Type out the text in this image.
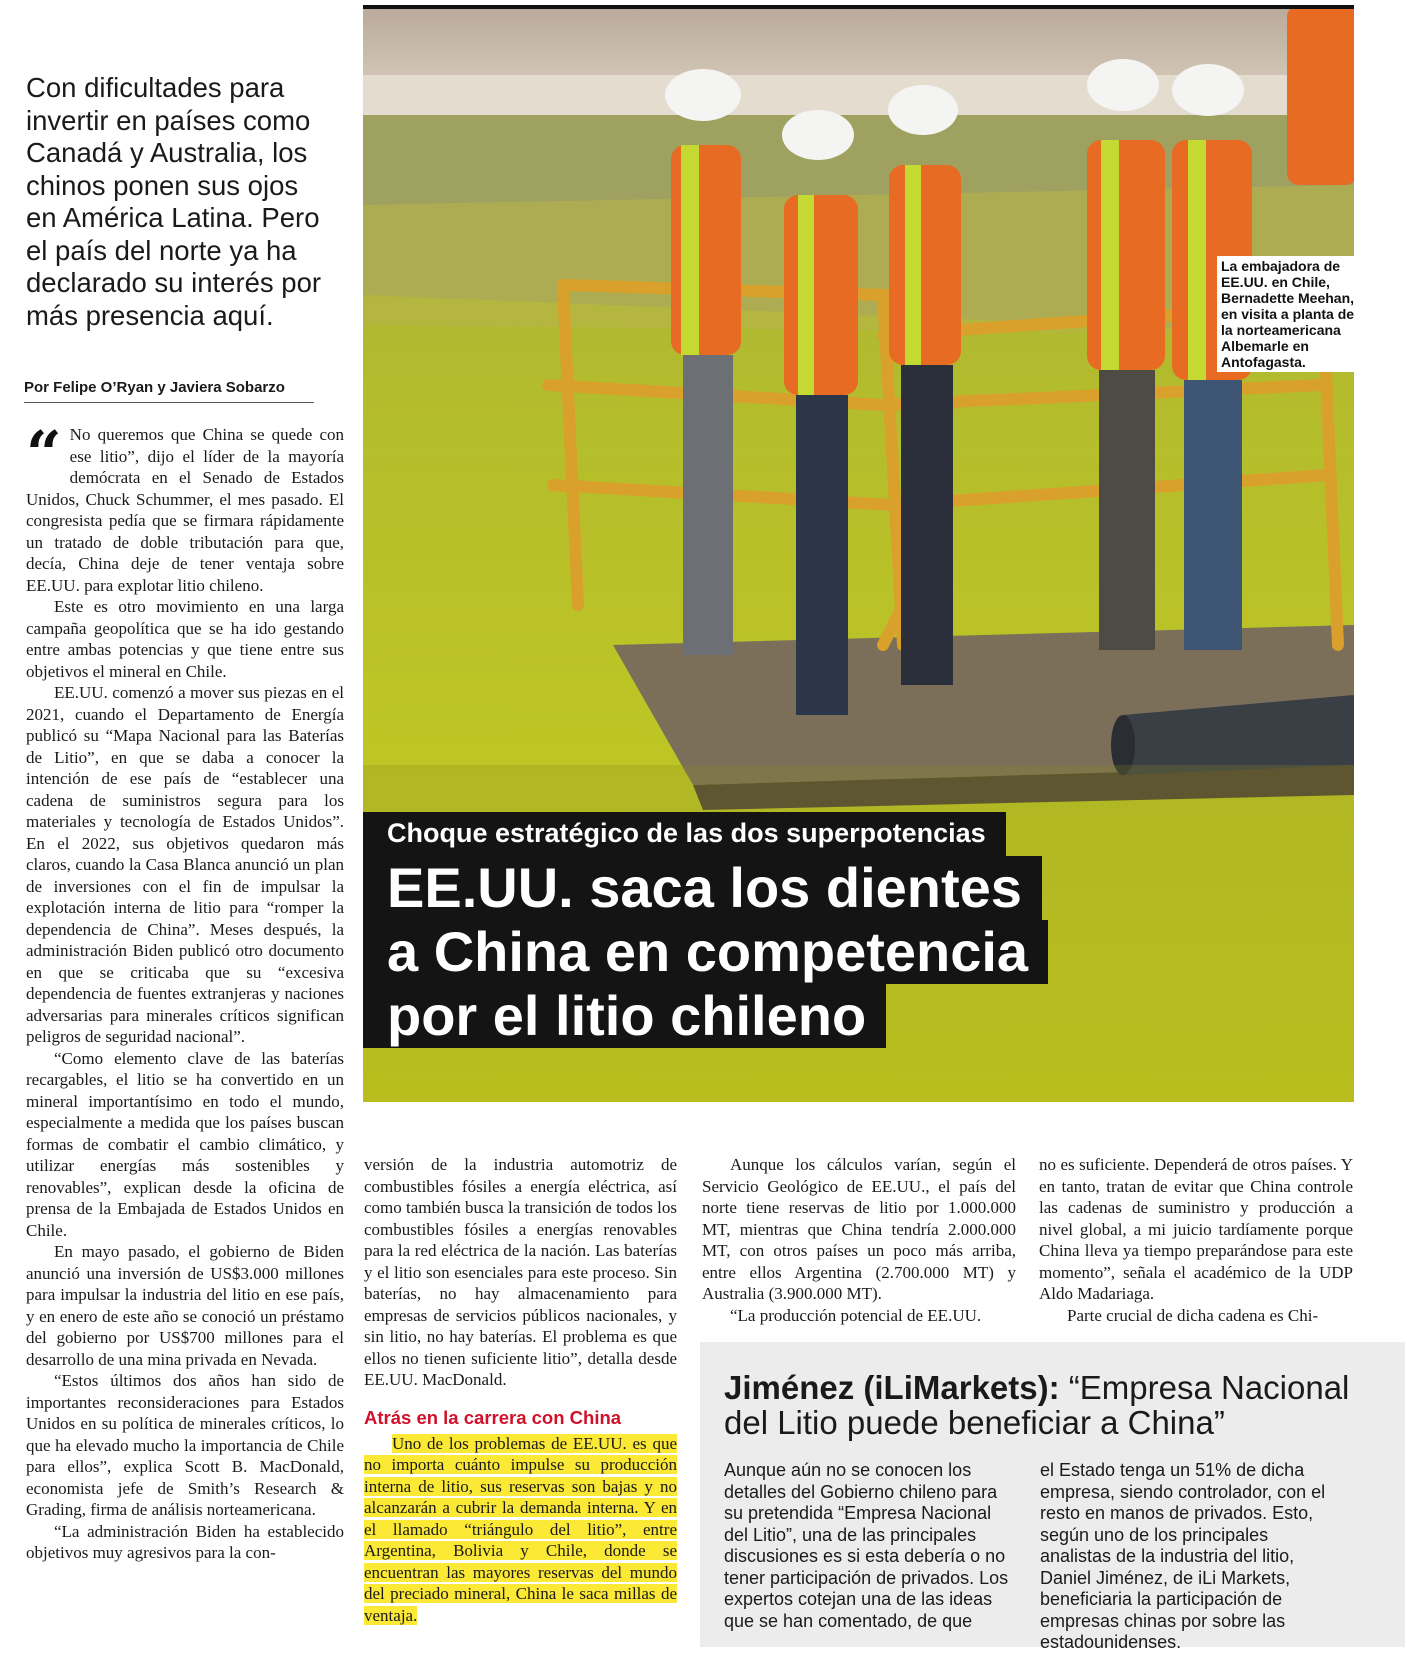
Con dificultades para invertir en países como Canadá y Australia, los chinos ponen sus ojos en América Latina. Pero el país del norte ya ha declarado su interés por más presencia aquí.

Por Felipe O’Ryan y Javiera Sobarzo

“ No queremos que China se quede con ese litio”, dijo el líder de la mayoría demócrata en el Senado de Estados Unidos, Chuck Schummer, el mes pasado. El congresista pedía que se firmara rápidamente un tratado de doble tributación para que, decía, China deje de tener ventaja sobre EE.UU. para explotar litio chileno.

Este es otro movimiento en una larga campaña geopolítica que se ha ido gestando entre ambas potencias y que tiene entre sus objetivos el mineral en Chile.

EE.UU. comenzó a mover sus piezas en el 2021, cuando el Departamento de Energía publicó su “Mapa Nacional para las Baterías de Litio”, en que se daba a conocer la intención de ese país de “establecer una cadena de suministros segura para los materiales y tecnología de Estados Unidos”. En el 2022, sus objetivos quedaron más claros, cuando la Casa Blanca anunció un plan de inversiones con el fin de impulsar la explotación interna de litio para “romper la dependencia de China”. Meses después, la administración Biden publicó otro documento en que se criticaba que su “excesiva dependencia de fuentes extranjeras y naciones adversarias para minerales críticos significan peligros de seguridad nacional”.

“Como elemento clave de las baterías recargables, el litio se ha convertido en un mineral importantísimo en todo el mundo, especialmente a medida que los países buscan formas de combatir el cambio climático, y utilizar energías más sostenibles y renovables”, explican desde la oficina de prensa de la Embajada de Estados Unidos en Chile.

En mayo pasado, el gobierno de Biden anunció una inversión de US$3.000 millones para impulsar la industria del litio en ese país, y en enero de este año se conoció un préstamo del gobierno por US$700 millones para el desarrollo de una mina privada en Nevada.

“Estos últimos dos años han sido de importantes reconsideraciones para Estados Unidos en su política de minerales críticos, lo que ha elevado mucho la importancia de Chile para ellos”, explica Scott B. MacDonald, economista jefe de Smith’s Research & Grading, firma de análisis norteamericana.

“La administración Biden ha establecido objetivos muy agresivos para la con-

La embajadora de EE.UU. en Chile, Bernadette Meehan, en visita a planta de la norteamericana Albemarle en Antofagasta.
Choque estratégico de las dos superpotencias
EE.UU. saca los dientes
a China en competencia
por el litio chileno

versión de la industria automotriz de combustibles fósiles a energía eléctrica, así como también busca la transición de todos los combustibles fósiles a energías renovables para la red eléctrica de la nación. Las baterías y el litio son esenciales para este proceso. Sin baterías, no hay almacenamiento para empresas de servicios públicos nacionales, y sin litio, no hay baterías. El problema es que ellos no tienen suficiente litio”, detalla desde EE.UU. MacDonald.

Atrás en la carrera con China

Uno de los problemas de EE.UU. es que no importa cuánto impulse su producción interna de litio, sus reservas son bajas y no alcanzarán a cubrir la demanda interna. Y en el llamado “triángulo del litio”, entre Argentina, Bolivia y Chile, donde se encuentran las mayores reservas del mundo del preciado mineral, China le saca millas de ventaja.

Aunque los cálculos varían, según el Servicio Geológico de EE.UU., el país del norte tiene reservas de litio por 1.000.000 MT, mientras que China tendría 2.000.000 MT, con otros países un poco más arriba, entre ellos Argentina (2.700.000 MT) y Australia (3.900.000 MT).

“La producción potencial de EE.UU.

no es suficiente. Dependerá de otros países. Y en tanto, tratan de evitar que China controle las cadenas de suministro y producción a nivel global, a mi juicio tardíamente porque China lleva ya tiempo preparándose para este momento”, señala el académico de la UDP Aldo Madariaga.

Parte crucial de dicha cadena es Chi-

Jiménez (iLiMarkets): “Empresa Nacional del Litio puede beneficiar a China”
Aunque aún no se conocen los detalles del Gobierno chileno para su pretendida “Empresa Nacional del Litio”, una de las principales discusiones es si esta debería o no tener participación de privados. Los expertos cotejan una de las ideas que se han comentado, de que
el Estado tenga un 51% de dicha empresa, siendo controlador, con el resto en manos de privados. Esto, según uno de los principales analistas de la industria del litio, Daniel Jiménez, de iLi Markets, beneficiaria la participación de empresas chinas por sobre las estadounidenses.
